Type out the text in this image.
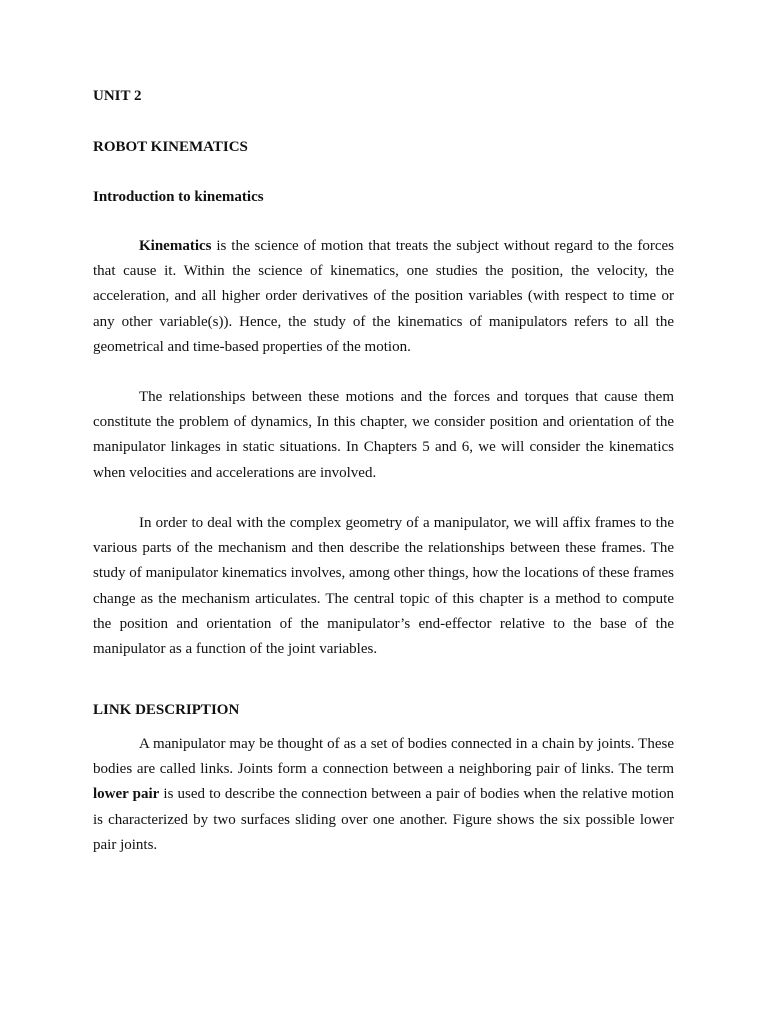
UNIT 2
ROBOT KINEMATICS
Introduction to kinematics

Kinematics is the science of motion that treats the subject without regard to the forces that cause it. Within the science of kinematics, one studies the position, the velocity, the acceleration, and all higher order derivatives of the position variables (with respect to time or any other variable(s)). Hence, the study of the kinematics of manipulators refers to all the geometrical and time-based properties of the motion.

The relationships between these motions and the forces and torques that cause them constitute the problem of dynamics, In this chapter, we consider position and orientation of the manipulator linkages in static situations. In Chapters 5 and 6, we will consider the kinematics when velocities and accelerations are involved.

In order to deal with the complex geometry of a manipulator, we will affix frames to the various parts of the mechanism and then describe the relationships between these frames. The study of manipulator kinematics involves, among other things, how the locations of these frames change as the mechanism articulates. The central topic of this chapter is a method to compute the position and orientation of the manipulator’s end-effector relative to the base of the manipulator as a function of the joint variables.

LINK DESCRIPTION

A manipulator may be thought of as a set of bodies connected in a chain by joints. These bodies are called links. Joints form a connection between a neighboring pair of links. The term lower pair is used to describe the connection between a pair of bodies when the relative motion is characterized by two surfaces sliding over one another. Figure shows the six possible lower pair joints.
